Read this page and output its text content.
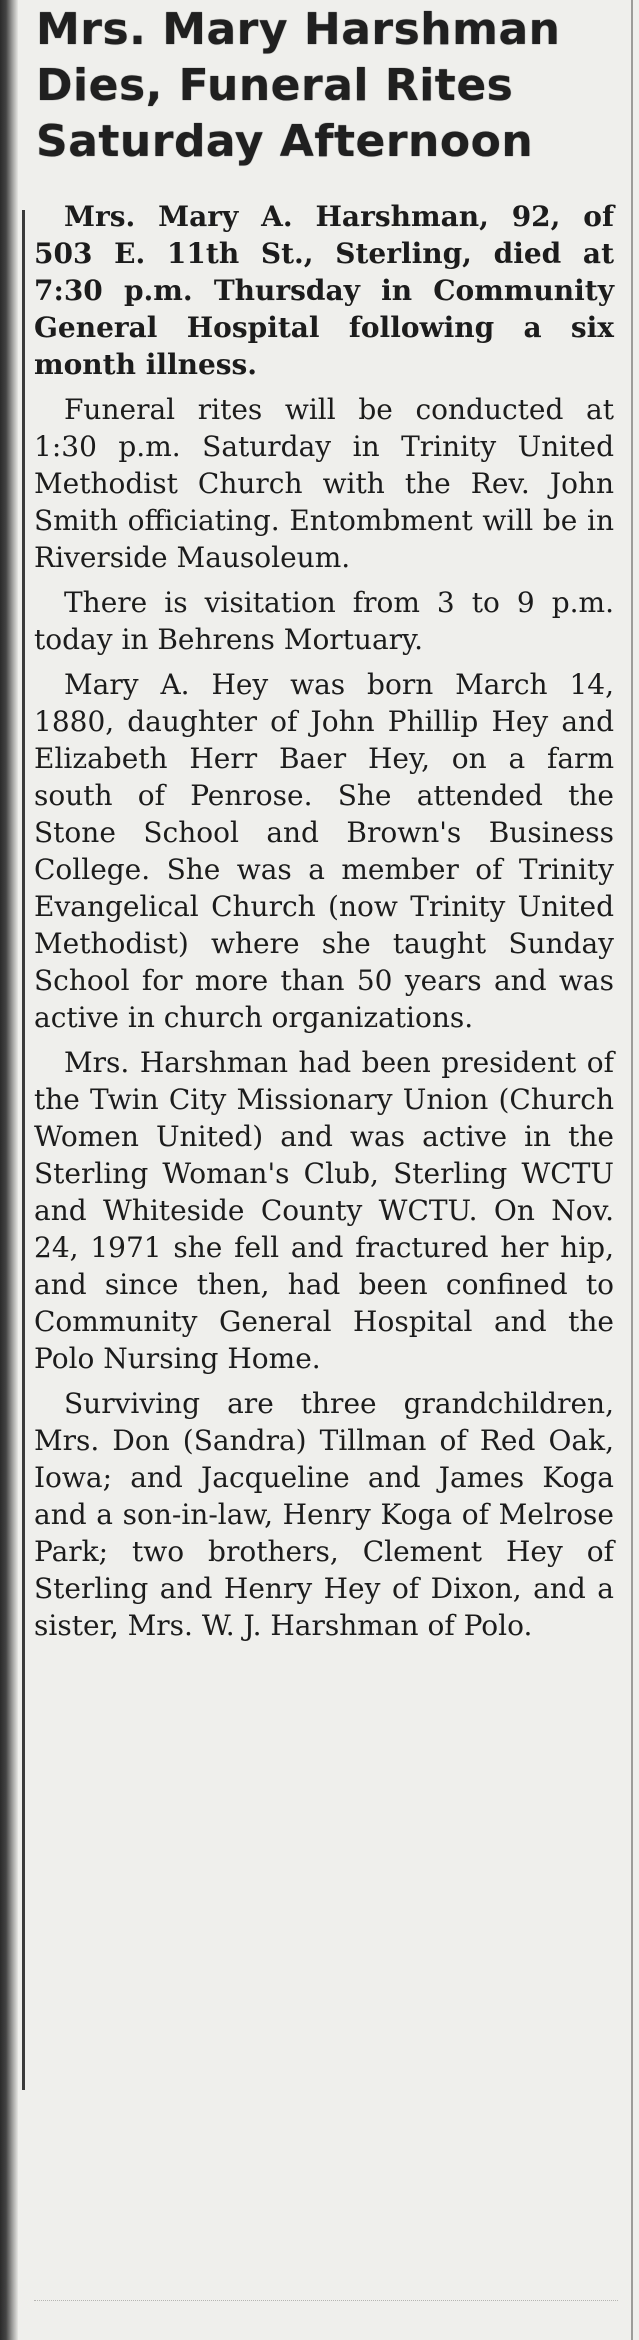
Mrs. Mary Harshman
Dies, Funeral Rites
Saturday Afternoon

Mrs. Mary A. Harshman, 92, of 503 E. 11th St., Sterling, died at 7:30 p.m. Thursday in Community General Hospital following a six month illness.

Funeral rites will be conducted at 1:30 p.m. Saturday in Trinity United Methodist Church with the Rev. John Smith officiating. Entombment will be in Riverside Mausoleum.

There is visitation from 3 to 9 p.m. today in Behrens Mortuary.

Mary A. Hey was born March 14, 1880, daughter of John Phillip Hey and Elizabeth Herr Baer Hey, on a farm south of Penrose. She attended the Stone School and Brown's Business College. She was a member of Trinity Evangelical Church (now Trinity United Methodist) where she taught Sunday School for more than 50 years and was active in church organizations.

Mrs. Harshman had been president of the Twin City Missionary Union (Church Women United) and was active in the Sterling Woman's Club, Sterling WCTU and Whiteside County WCTU. On Nov. 24, 1971 she fell and fractured her hip, and since then, had been confined to Community General Hospital and the Polo Nursing Home.

Surviving are three grandchildren, Mrs. Don (Sandra) Tillman of Red Oak, Iowa; and Jacqueline and James Koga and a son-in-law, Henry Koga of Melrose Park; two brothers, Clement Hey of Sterling and Henry Hey of Dixon, and a sister, Mrs. W. J. Harshman of Polo.
